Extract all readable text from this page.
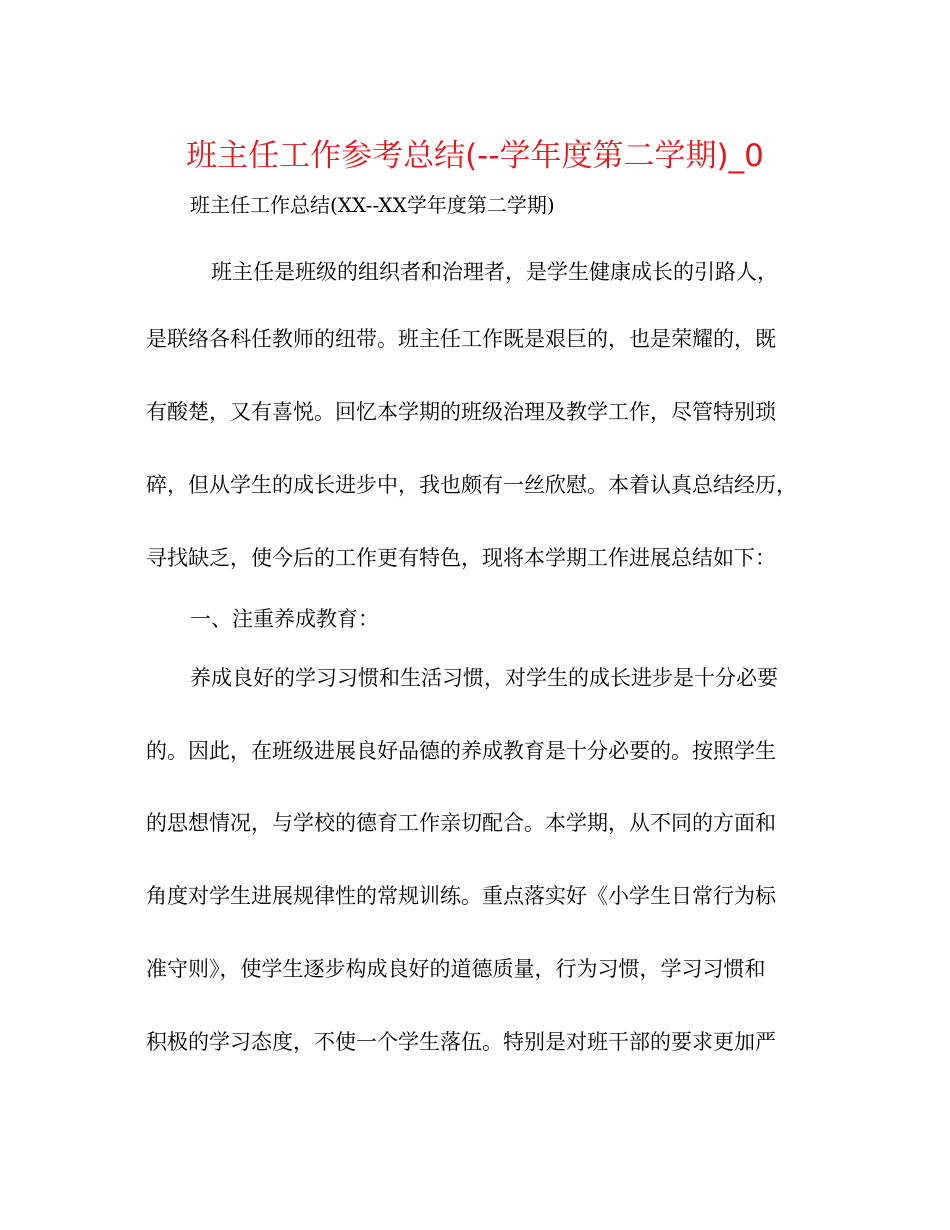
班主任工作参考总结(--学年度第二学期)_0
班主任工作总结(XX--XX学年度第二学期)
　班主任是班级的组织者和治理者，是学生健康成长的引路人，
是联络各科任教师的纽带。班主任工作既是艰巨的，也是荣耀的，既
有酸楚，又有喜悦。回忆本学期的班级治理及教学工作，尽管特别琐
碎，但从学生的成长进步中，我也颇有一丝欣慰。本着认真总结经历，
寻找缺乏，使今后的工作更有特色，现将本学期工作进展总结如下：
一、注重养成教育：
养成良好的学习习惯和生活习惯，对学生的成长进步是十分必要
的。因此，在班级进展良好品德的养成教育是十分必要的。按照学生
的思想情况，与学校的德育工作亲切配合。本学期，从不同的方面和
角度对学生进展规律性的常规训练。重点落实好《小学生日常行为标
准守则》，使学生逐步构成良好的道德质量，行为习惯，学习习惯和
积极的学习态度，不使一个学生落伍。特别是对班干部的要求更加严
